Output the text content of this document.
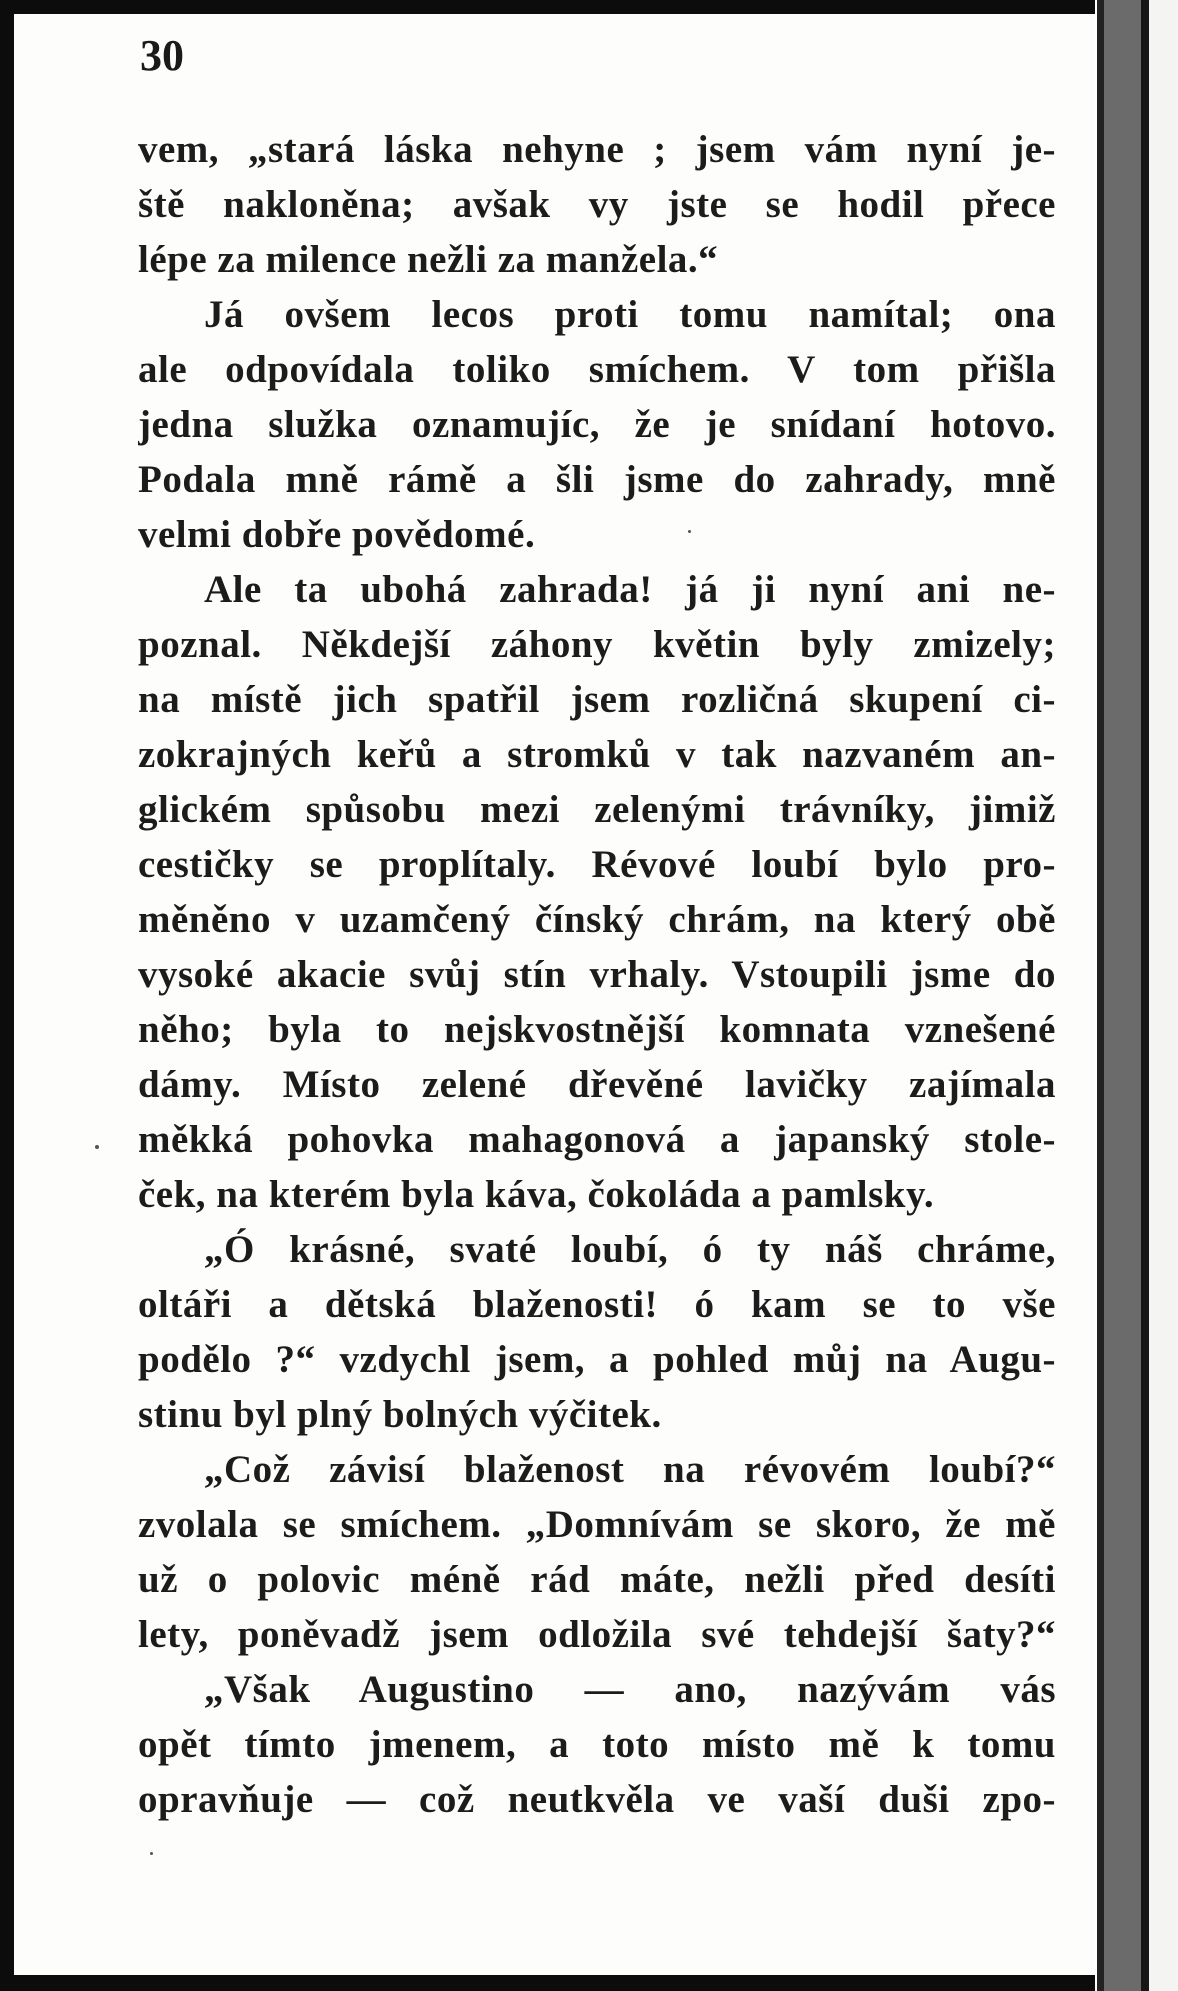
30
vem, „stará láska nehyne ; jsem vám nyní je-
ště nakloněna; avšak vy jste se hodil přece
lépe za milence nežli za manžela.“
Já ovšem lecos proti tomu namítal; ona
ale odpovídala toliko smíchem. V tom přišla
jedna služka oznamujíc, že je snídaní hotovo.
Podala mně rámě a šli jsme do zahrady, mně
velmi dobře povědomé.
Ale ta ubohá zahrada! já ji nyní ani ne-
poznal. Někdejší záhony květin byly zmizely;
na místě jich spatřil jsem rozličná skupení ci-
zokrajných keřů a stromků v tak nazvaném an-
glickém spůsobu mezi zelenými trávníky, jimiž
cestičky se proplítaly. Révové loubí bylo pro-
měněno v uzamčený čínský chrám, na který obě
vysoké akacie svůj stín vrhaly. Vstoupili jsme do
něho; byla to nejskvostnější komnata vznešené
dámy. Místo zelené dřevěné lavičky zajímala
měkká pohovka mahagonová a japanský stole-
ček, na kterém byla káva, čokoláda a pamlsky.
„Ó krásné, svaté loubí, ó ty náš chráme,
oltáři a dětská blaženosti! ó kam se to vše
podělo ?“ vzdychl jsem, a pohled můj na Augu-
stinu byl plný bolných výčitek.
„Což závisí blaženost na révovém loubí?“
zvolala se smíchem. „Domnívám se skoro, že mě
už o polovic méně rád máte, nežli před desíti
lety, poněvadž jsem odložila své tehdejší šaty?“
„Však Augustino — ano, nazývám vás
opět tímto jmenem, a toto místo mě k tomu
opravňuje — což neutkvěla ve vaší duši zpo-
